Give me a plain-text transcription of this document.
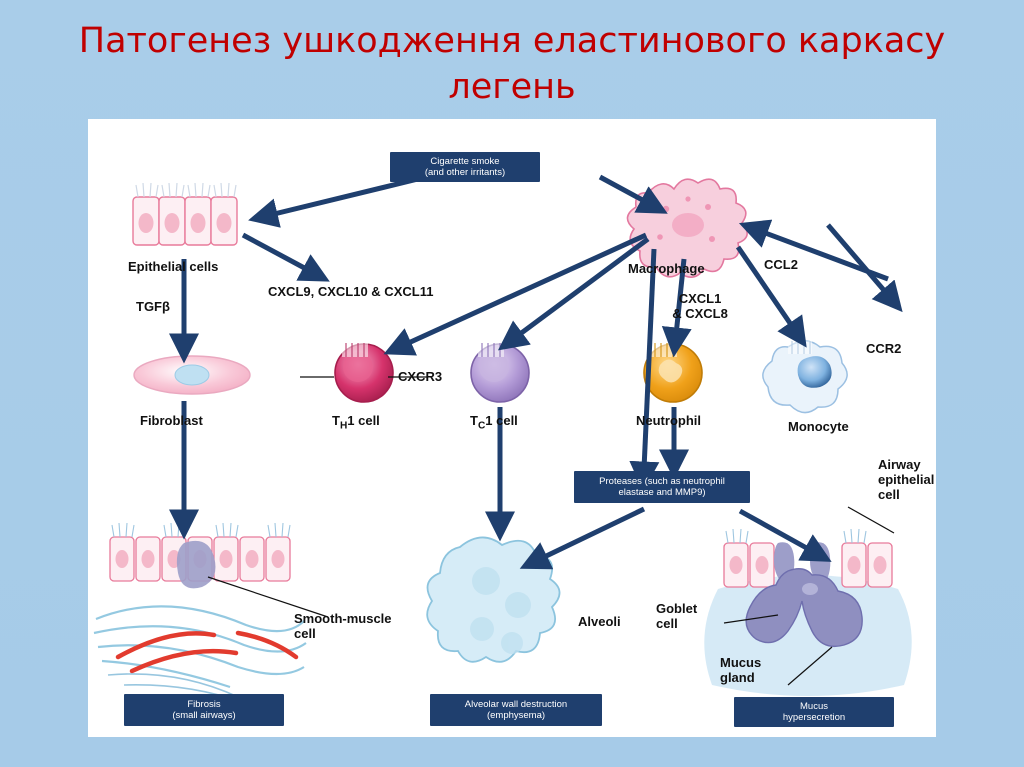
Патогенез ушкодження еластинового каркасу легень
Cigarette smoke
(and other irritants)
Proteases (such as neutrophil
elastase and MMP9)
Fibrosis
(small airways)
Alveolar wall destruction
(emphysema)
Mucus
hypersecretion
Epithelial cells
TGFβ
CXCL9, CXCL10 & CXCL11
Fibroblast
CXCR3
$T_H1$ cell	$T_C1$ cell
Macrophage
CXCL1
& CXCL8
CCL2
CCR2
Neutrophil	Monocyte
Smooth-muscle
cell
Alveoli
Goblet
cell
Mucus
gland
Airway
epithelial
cell
